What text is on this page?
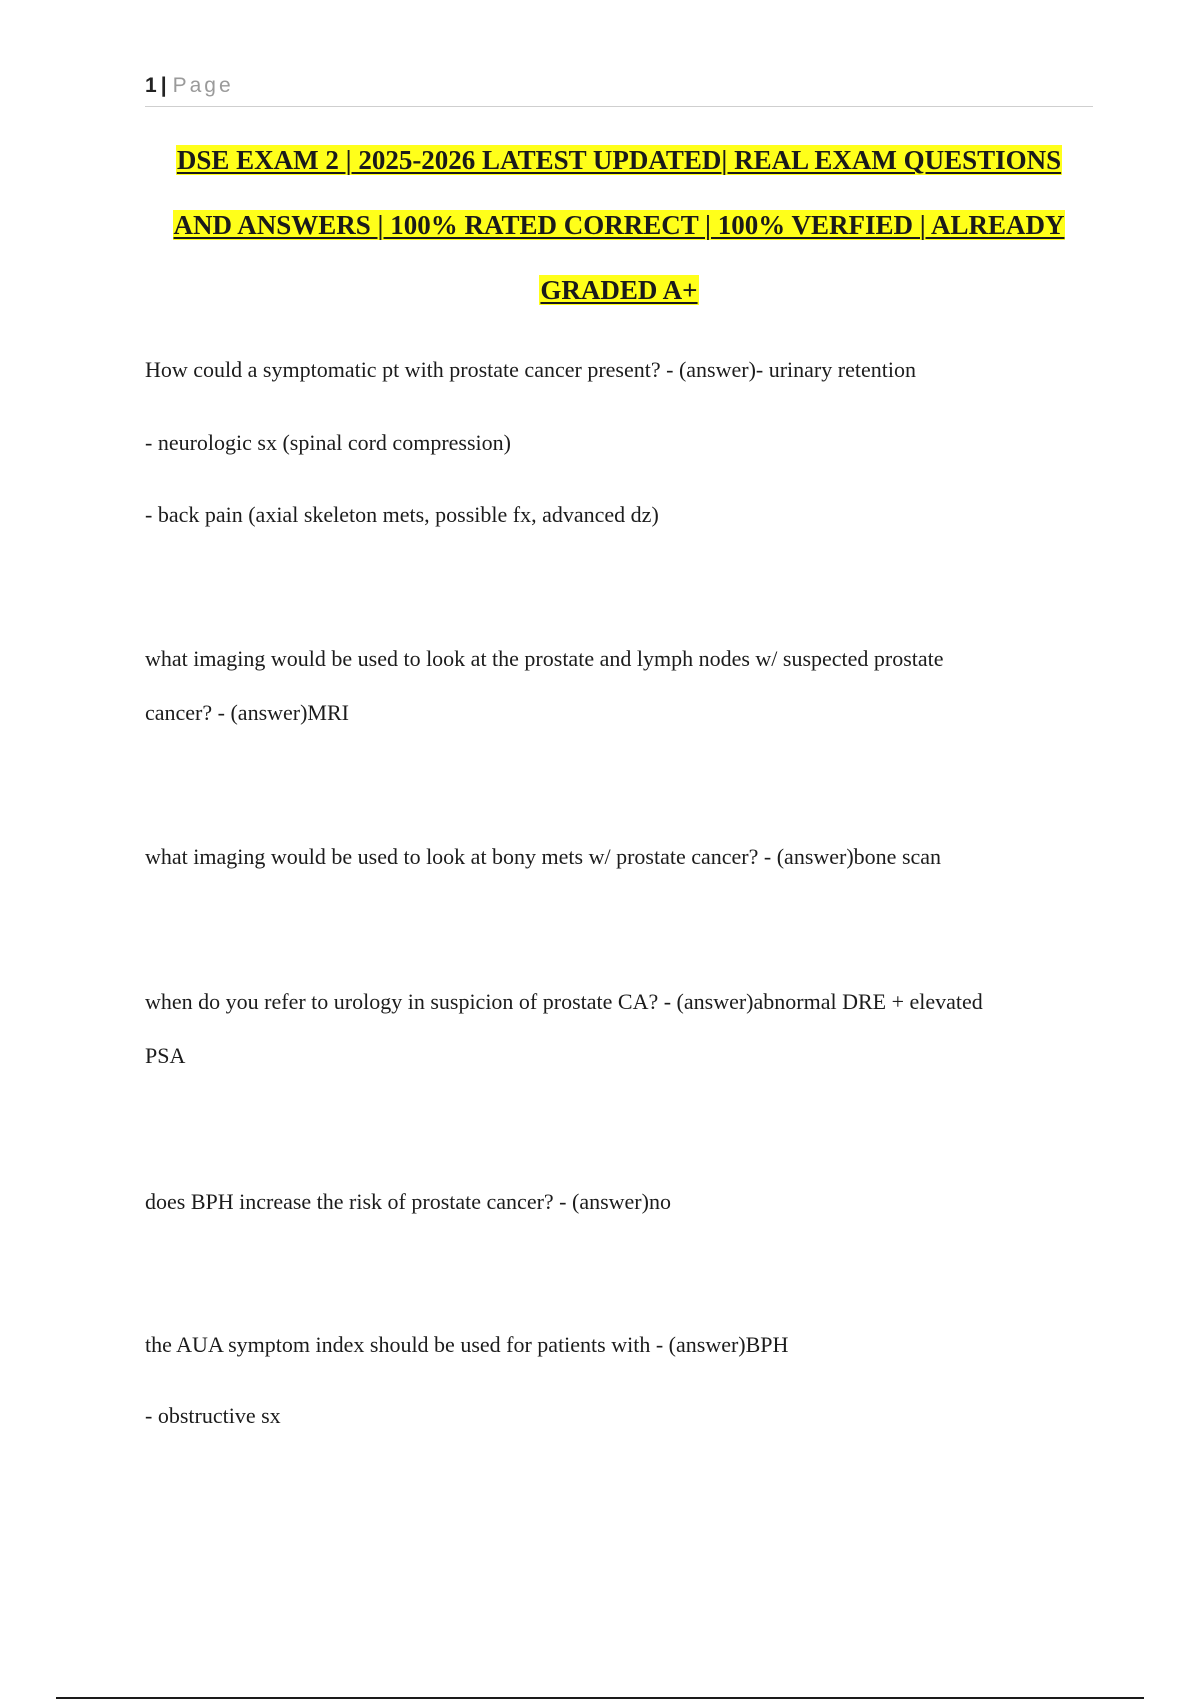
1 | Page
DSE EXAM 2 | 2025-2026 LATEST UPDATED| REAL EXAM QUESTIONS
AND ANSWERS | 100% RATED CORRECT | 100% VERFIED | ALREADY
GRADED A+
How could a symptomatic pt with prostate cancer present? - (answer)- urinary retention
- neurologic sx (spinal cord compression)
- back pain (axial skeleton mets, possible fx, advanced dz)
what imaging would be used to look at the prostate and lymph nodes w/ suspected prostate
cancer? - (answer)MRI
what imaging would be used to look at bony mets w/ prostate cancer? - (answer)bone scan
when do you refer to urology in suspicion of prostate CA? - (answer)abnormal DRE + elevated
PSA
does BPH increase the risk of prostate cancer? - (answer)no
the AUA symptom index should be used for patients with - (answer)BPH
- obstructive sx
